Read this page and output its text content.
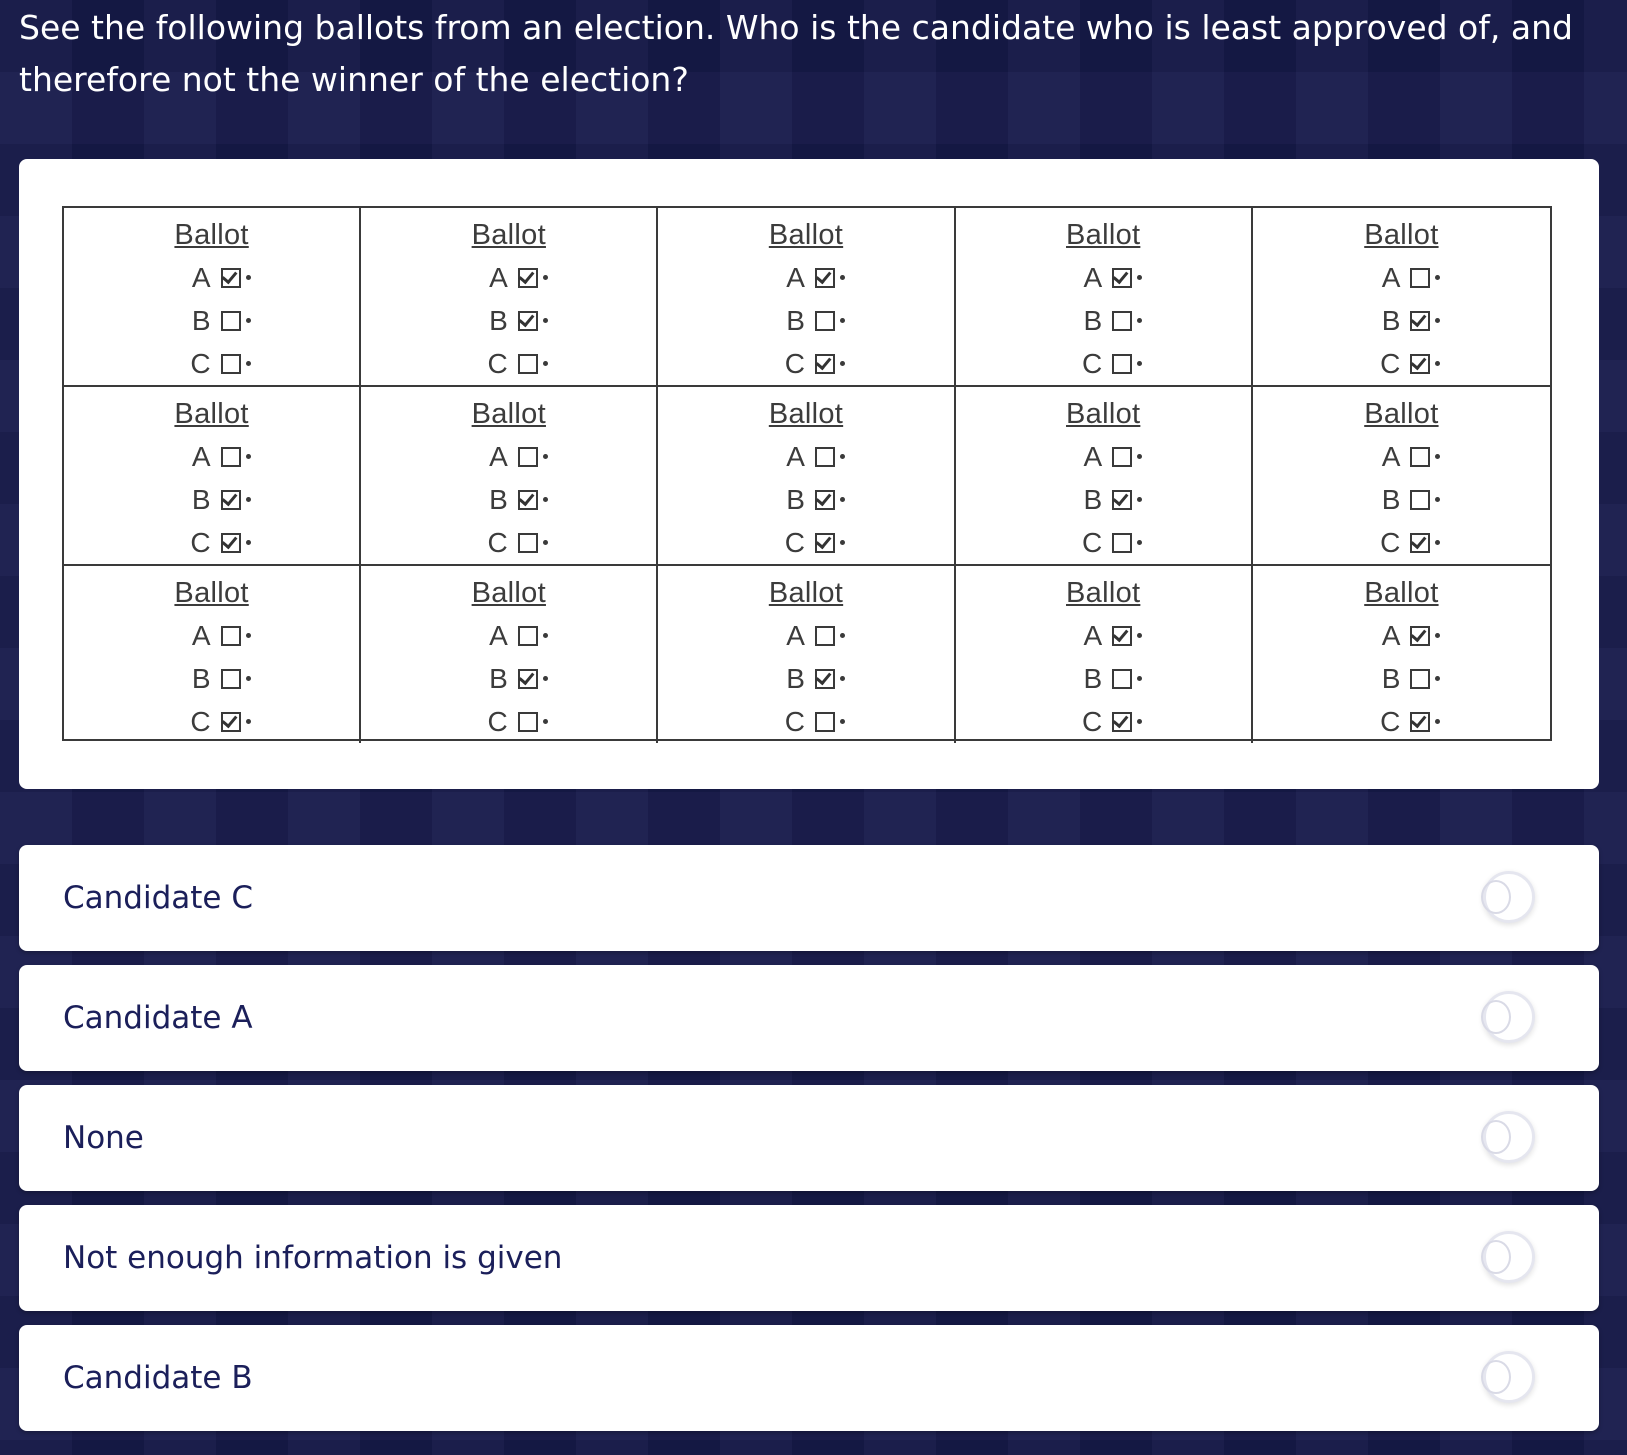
See the following ballots from an election. Who is the candidate who is least approved of, and therefore not the winner of the election?
Ballot
A
B
C
Ballot
A
B
C
Ballot
A
B
C
Ballot
A
B
C
Ballot
A
B
C
Ballot
A
B
C
Ballot
A
B
C
Ballot
A
B
C
Ballot
A
B
C
Ballot
A
B
C
Ballot
A
B
C
Ballot
A
B
C
Ballot
A
B
C
Ballot
A
B
C
Ballot
A
B
C
Candidate C
Candidate A
None
Not enough information is given
Candidate B
